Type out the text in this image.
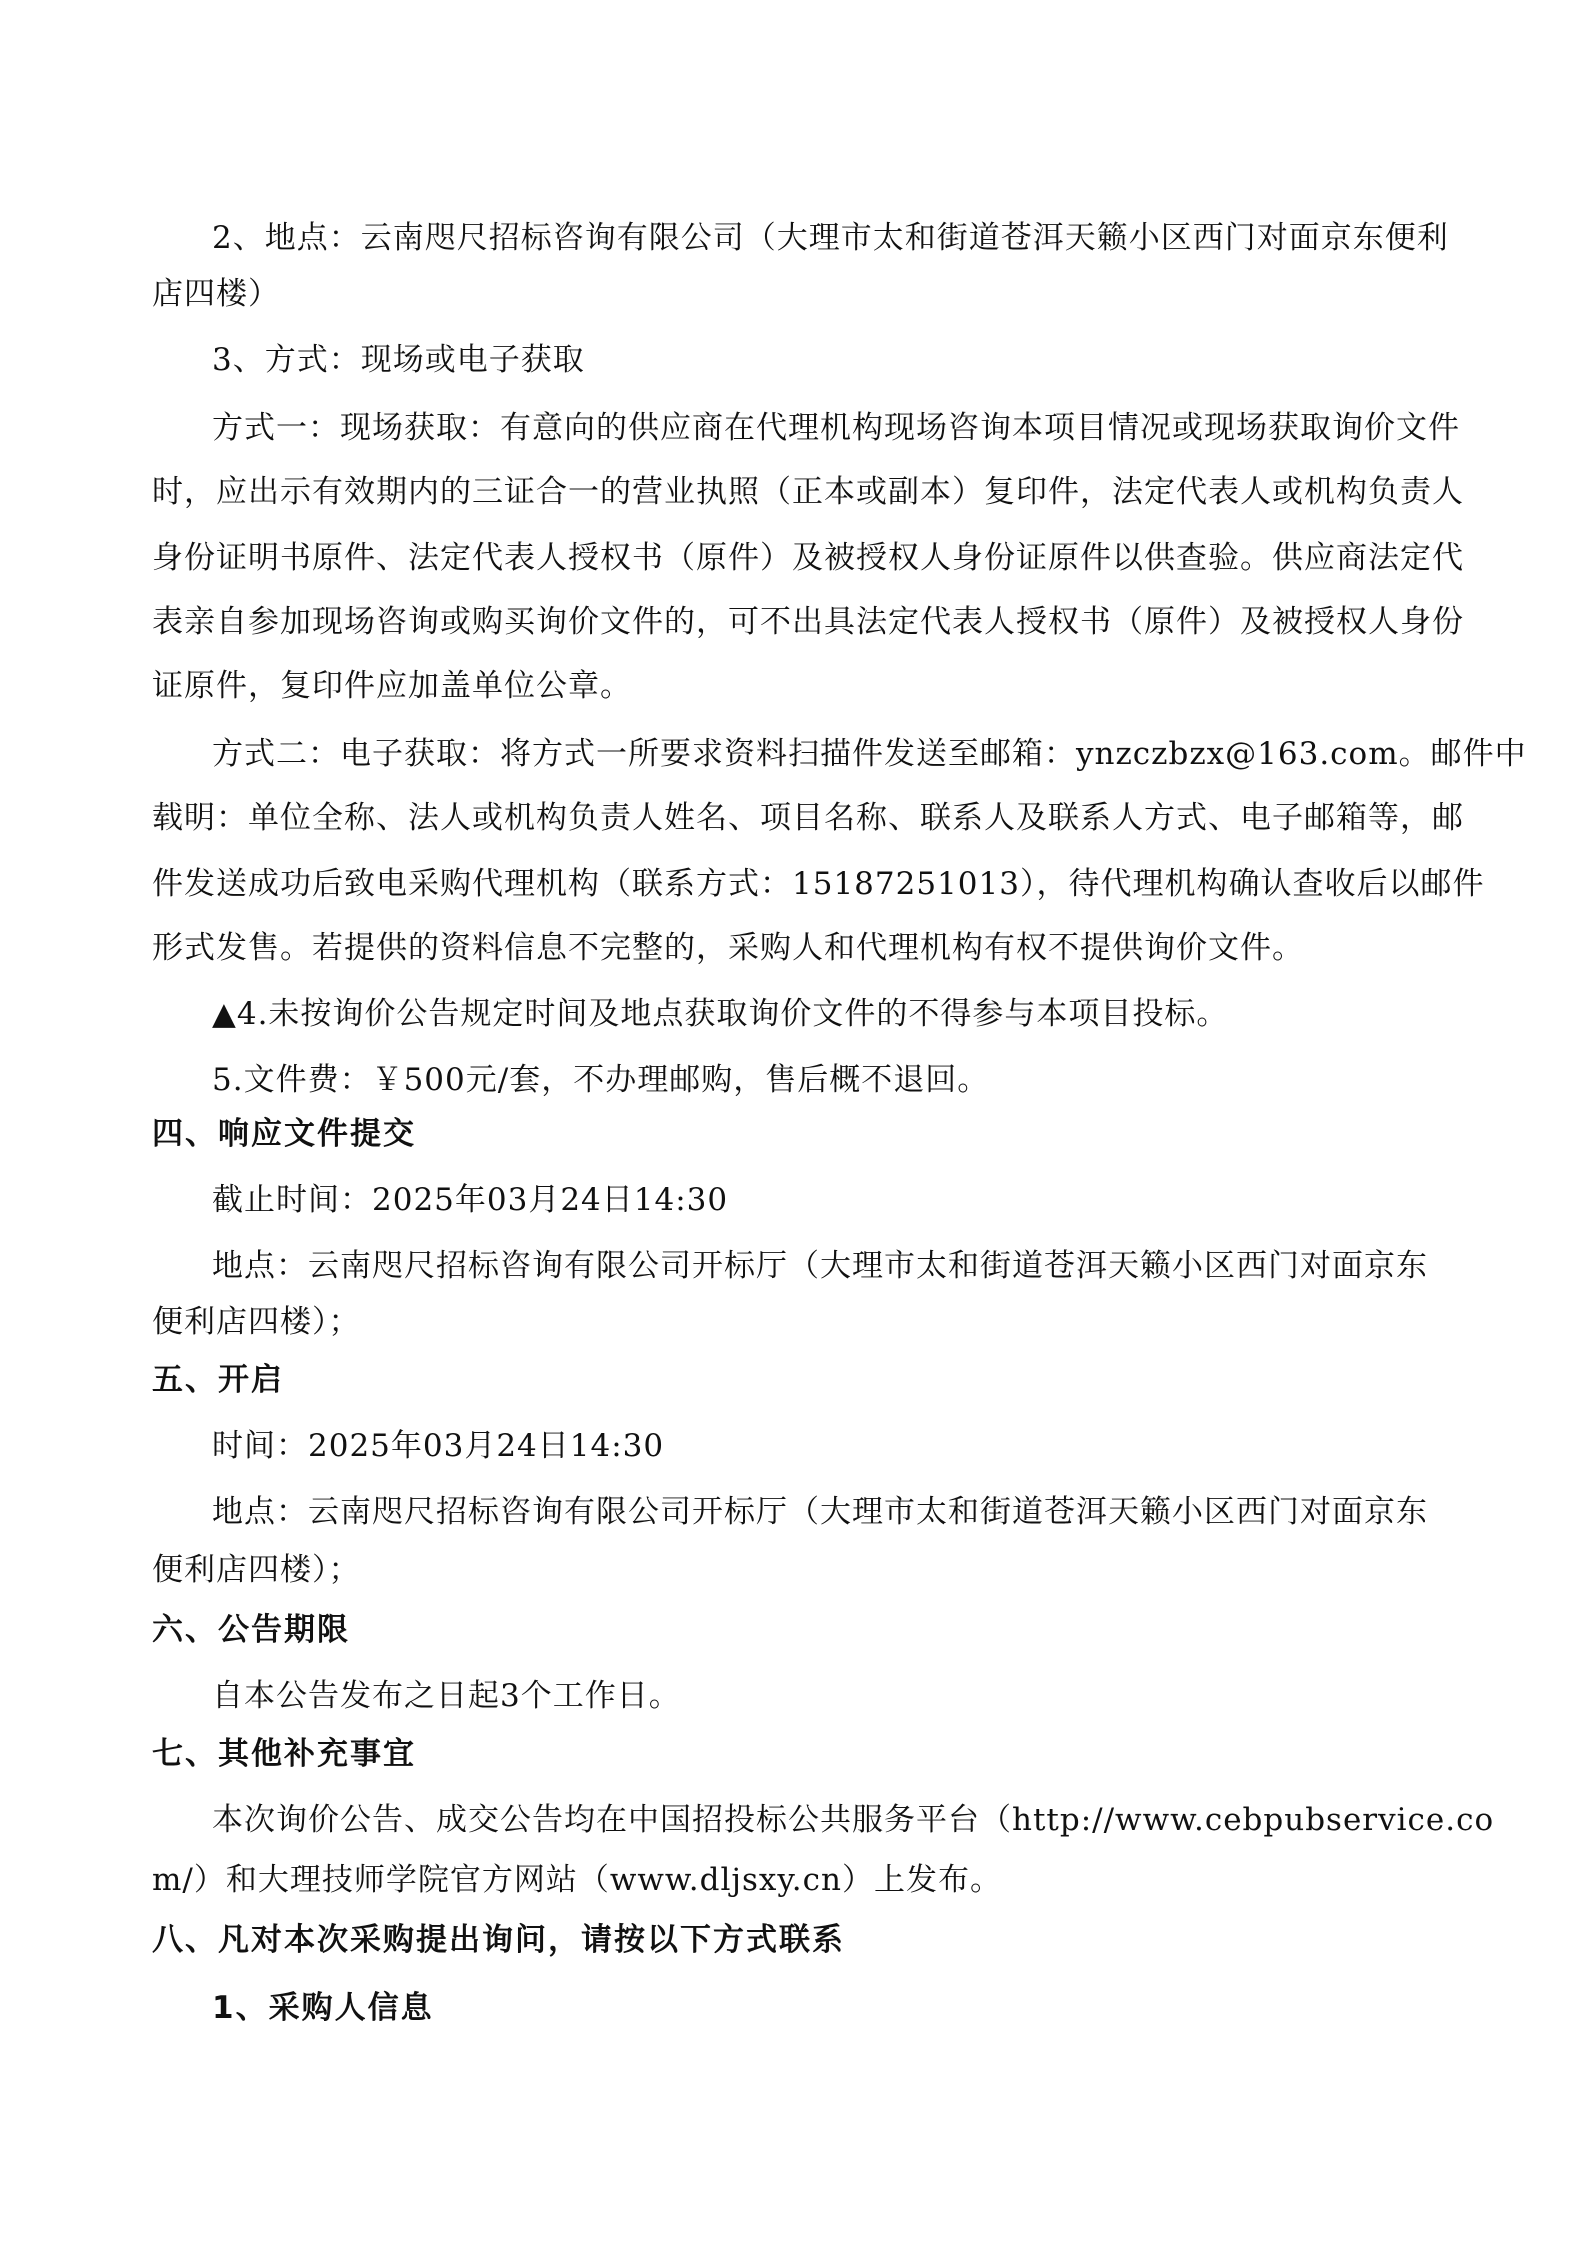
2、地点：云南咫尺招标咨询有限公司（大理市太和街道苍洱天籁小区西门对面京东便利
店四楼）
3、方式：现场或电子获取
方式一：现场获取：有意向的供应商在代理机构现场咨询本项目情况或现场获取询价文件
时，应出示有效期内的三证合一的营业执照（正本或副本）复印件，法定代表人或机构负责人
身份证明书原件、法定代表人授权书（原件）及被授权人身份证原件以供查验。供应商法定代
表亲自参加现场咨询或购买询价文件的，可不出具法定代表人授权书（原件）及被授权人身份
证原件，复印件应加盖单位公章。
方式二：电子获取：将方式一所要求资料扫描件发送至邮箱：ynzczbzx@163.com。邮件中
载明：单位全称、法人或机构负责人姓名、项目名称、联系人及联系人方式、电子邮箱等，邮
件发送成功后致电采购代理机构（联系方式：15187251013），待代理机构确认查收后以邮件
形式发售。若提供的资料信息不完整的，采购人和代理机构有权不提供询价文件。
▲4.未按询价公告规定时间及地点获取询价文件的不得参与本项目投标。
5.文件费：￥500元/套，不办理邮购，售后概不退回。
四、响应文件提交
截止时间：2025年03月24日14:30
地点：云南咫尺招标咨询有限公司开标厅（大理市太和街道苍洱天籁小区西门对面京东
便利店四楼）；
五、开启
时间：2025年03月24日14:30
地点：云南咫尺招标咨询有限公司开标厅（大理市太和街道苍洱天籁小区西门对面京东
便利店四楼）；
六、公告期限
自本公告发布之日起3个工作日。
七、其他补充事宜
本次询价公告、成交公告均在中国招投标公共服务平台（http://www.cebpubservice.co
m/）和大理技师学院官方网站（www.dljsxy.cn）上发布。
八、凡对本次采购提出询问，请按以下方式联系
1、采购人信息
